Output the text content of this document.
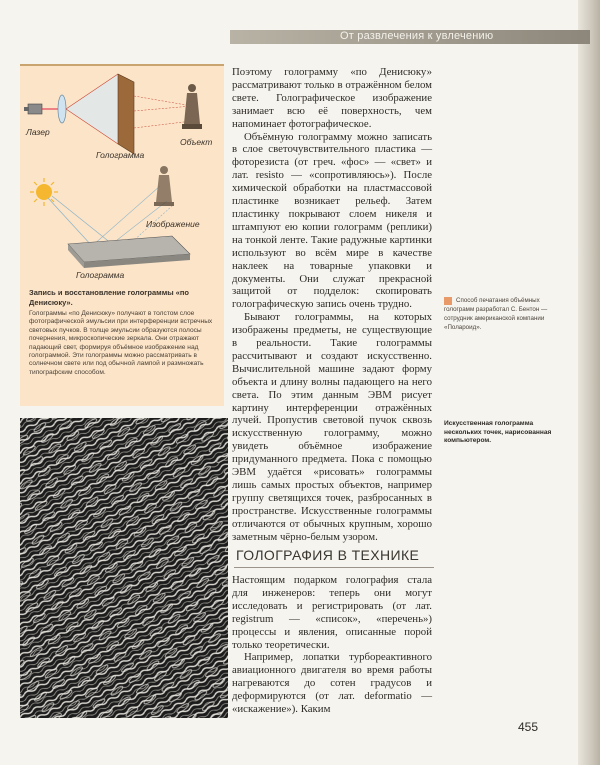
От развлечения к увлечению
Лазер
Объект
Голограмма
Изображение
Голограмма
Запись и восстановление голограммы «по Денисюку».
Голограммы «по Денисюку» получают в толстом слое фотографической эмульсии при интерференции встречных световых пучков. В толще эмульсии образуются полосы почернения, микроскопические зеркала. Они отражают падающий свет, формируя объёмное изображение над голограммой. Эти голограммы можно рассматривать в солнечном свете или под обычной лампой и размножать типографским способом.

Поэтому голограмму «по Денисюку» рассматривают только в отражённом белом свете. Голографическое изображение занимает всю её поверхность, чем напоминает фотографическое.

Объёмную голограмму можно записать в слое светочувствительного пластика — фоторезиста (от греч. «фос» — «свет» и лат. resisto — «сопротивляюсь»). После химической обработки на пластмассовой пластинке возникает рельеф. Затем пластинку покрывают слоем никеля и штампуют ею копии голограмм (реплики) на тонкой ленте. Такие радужные картинки используют во всём мире в качестве наклеек на товарные упаковки и документы. Они служат прекрасной защитой от подделок: скопировать голографическую запись очень трудно.

Бывают голограммы, на которых изображены предметы, не существующие в реальности. Такие голограммы рассчитывают и создают искусственно. Вычислительной машине задают форму объекта и длину волны падающего на него света. По этим данным ЭВМ рисует картину интерференции отражённых лучей. Пропустив световой пучок сквозь искусственную голограмму, можно увидеть объёмное изображение придуманного предмета. Пока с помощью ЭВМ удаётся «рисовать» голограммы лишь самых простых объектов, например группу светящихся точек, разбросанных в пространстве. Искусственные голограммы отличаются от обычных крупным, хорошо заметным чёрно-белым узором.

ГОЛОГРАФИЯ В ТЕХНИКЕ

Настоящим подарком голография стала для инженеров: теперь они могут исследовать и регистрировать (от лат. registrum — «список», «перечень») процессы и явления, описанные порой только теоретически.

Например, лопатки турбореактивного авиационного двигателя во время работы нагреваются до сотен градусов и деформируются (от лат. deformatio — «искажение»). Каким

Способ печатания объёмных голограмм разработал С. Бентон — сотрудник американской компании «Полароид».
Искусственная голограмма нескольких точек, нарисованная компьютером.
455
